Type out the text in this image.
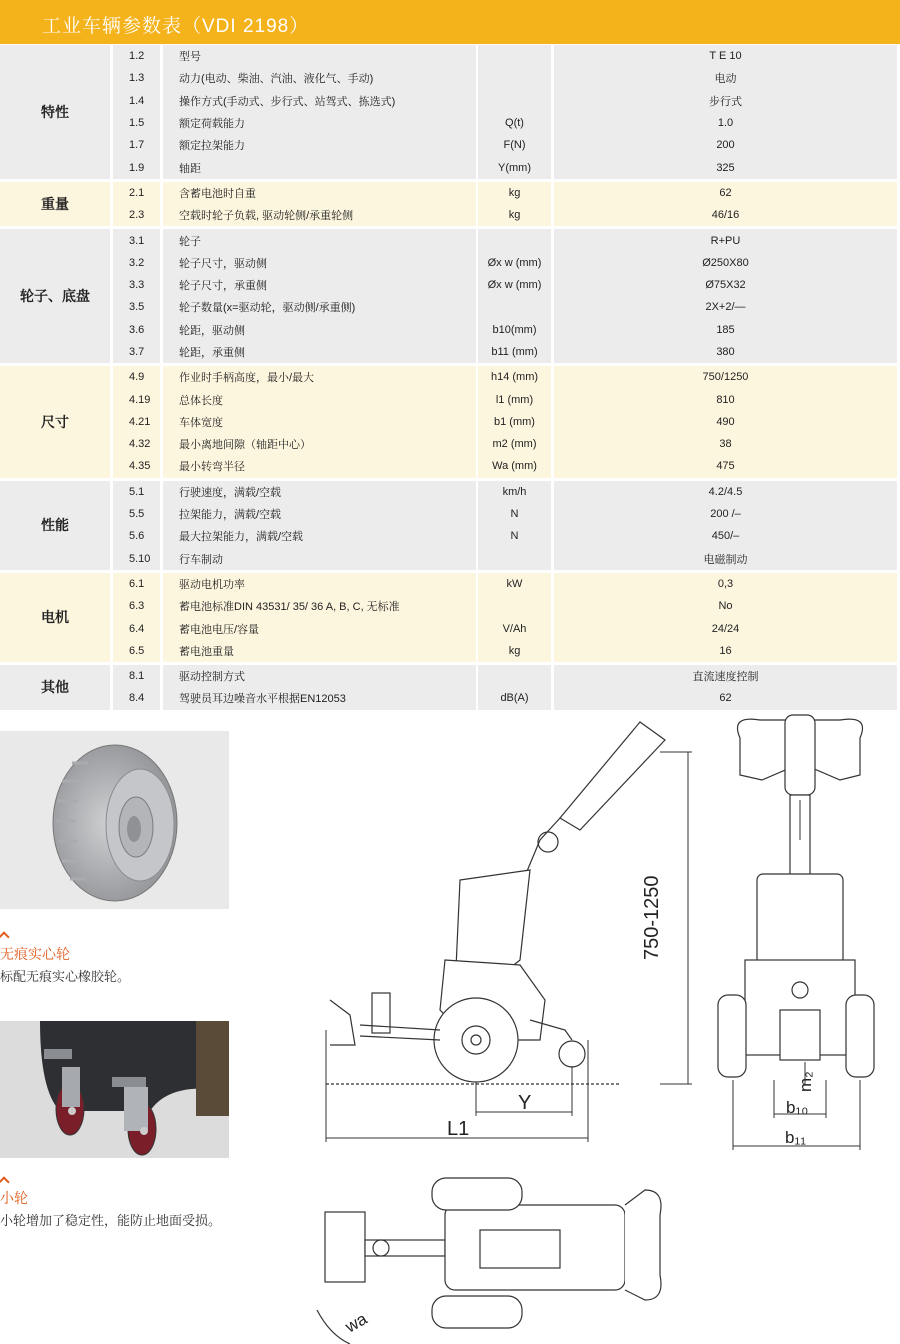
工业车辆参数表（VDI 2198）
特性	1.2	型号		T E 10
	1.3	动力(电动、柴油、汽油、液化气、手动)		电动
	1.4	操作方式(手动式、步行式、站驾式、拣选式)		步行式
	1.5	额定荷载能力	Q(t)	1.0
	1.7	额定拉架能力	F(N)	200
	1.9	轴距	Y(mm)	325
重量	2.1	含蓄电池时自重	kg	62
	2.3	空载时轮子负载, 驱动轮侧/承重轮侧	kg	46/16
轮子、底盘	3.1	轮子		R+PU
	3.2	轮子尺寸，驱动侧	Øx w (mm)	Ø250X80
	3.3	轮子尺寸，承重侧	Øx w (mm)	Ø75X32
	3.5	轮子数量(x=驱动轮，驱动侧/承重侧)		2X+2/—
	3.6	轮距，驱动侧	b10(mm)	185
	3.7	轮距，承重侧	b11 (mm)	380
尺寸	4.9	作业时手柄高度，最小/最大	h14 (mm)	750/1250
	4.19	总体长度	l1 (mm)	810
	4.21	车体宽度	b1 (mm)	490
	4.32	最小离地间隙（轴距中心）	m2 (mm)	38
	4.35	最小转弯半径	Wa (mm)	475
性能	5.1	行驶速度，满载/空载	km/h	4.2/4.5
	5.5	拉架能力，满载/空载	N	200 /–
	5.6	最大拉架能力，满载/空载	N	450/–
	5.10	行车制动		电磁制动
电机	6.1	驱动电机功率	kW	0,3
	6.3	蓄电池标准DIN 43531/ 35/ 36 A, B, C, 无标准		No
	6.4	蓄电池电压/容量	V/Ah	24/24
	6.5	蓄电池重量	kg	16
其他	8.1	驱动控制方式		直流速度控制
	8.4	驾驶员耳边噪音水平根据EN12053	dB(A)	62
无痕实心轮
标配无痕实心橡胶轮。
小轮
小轮增加了稳定性，能防止地面受损。
750-1250
L1
Y
m₂
b₁₀
b₁₁
wa
